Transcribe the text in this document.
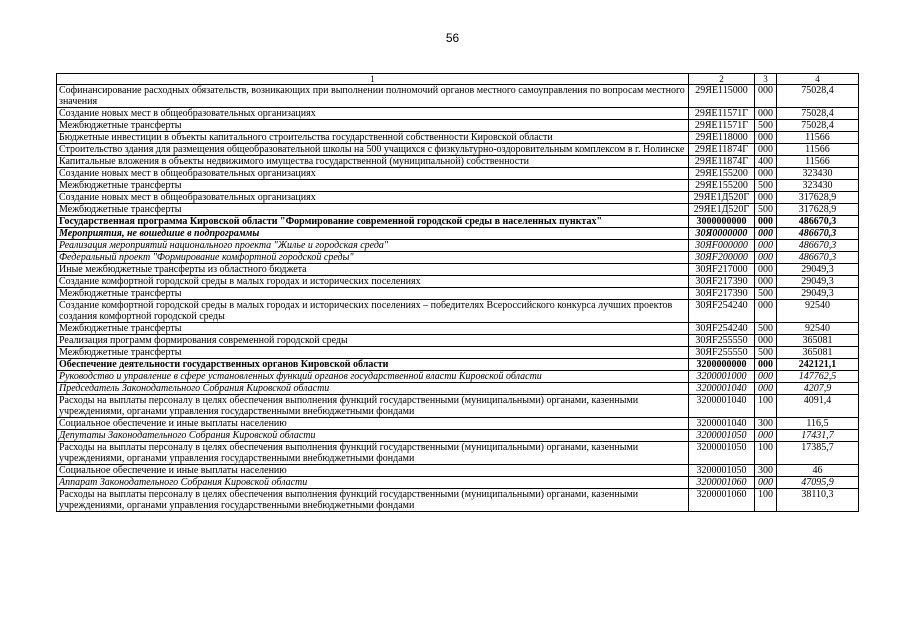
56
1	2	3	4
Софинансирование расходных обязательств, возникающих при выполнении полномочий органов местного самоуправления по вопросам местного значения	29ЯЕ115000	000	75028,4
Создание новых мест в общеобразовательных организациях	29ЯЕ11571Г	000	75028,4
Межбюджетные трансферты	29ЯЕ11571Г	500	75028,4
Бюджетные инвестиции в объекты капитального строительства государственной собственности Кировской области	29ЯЕ118000	000	11566
Строительство здания для размещения общеобразовательной школы на 500 учащихся с физкультурно-оздоровительным комплексом в г. Нолинске	29ЯЕ11874Г	000	11566
Капитальные вложения в объекты недвижимого имущества государственной (муниципальной) собственности	29ЯЕ11874Г	400	11566
Создание новых мест в общеобразовательных организациях	29ЯЕ155200	000	323430
Межбюджетные трансферты	29ЯЕ155200	500	323430
Создание новых мест в общеобразовательных организациях	29ЯЕ1Д520Г	000	317628,9
Межбюджетные трансферты	29ЯЕ1Д520Г	500	317628,9
Государственная программа Кировской области "Формирование современной городской среды в населенных пунктах"	3000000000	000	486670,3
Мероприятия, не вошедшие в подпрограммы	30Я0000000	000	486670,3
Реализация мероприятий национального проекта "Жилье и городская среда"	30ЯF000000	000	486670,3
Федеральный проект "Формирование комфортной городской среды"	30ЯF200000	000	486670,3
Иные межбюджетные трансферты из областного бюджета	30ЯF217000	000	29049,3
Создание комфортной городской среды в малых городах и исторических поселениях	30ЯF217390	000	29049,3
Межбюджетные трансферты	30ЯF217390	500	29049,3
Создание комфортной городской среды в малых городах и исторических поселениях – победителях Всероссийского конкурса лучших проектов создания комфортной городской среды	30ЯF254240	000	92540
Межбюджетные трансферты	30ЯF254240	500	92540
Реализация программ формирования современной городской среды	30ЯF255550	000	365081
Межбюджетные трансферты	30ЯF255550	500	365081
Обеспечение деятельности государственных органов Кировской области	3200000000	000	242121,1
Руководство и управление в сфере установленных функций органов государственной власти Кировской области	3200001000	000	147762,5
Председатель Законодательного Собрания Кировской области	3200001040	000	4207,9
Расходы на выплаты персоналу в целях обеспечения выполнения функций государственными (муниципальными) органами, казенными учреждениями, органами управления государственными внебюджетными фондами	3200001040	100	4091,4
Социальное обеспечение и иные выплаты населению	3200001040	300	116,5
Депутаты Законодательного Собрания Кировской области	3200001050	000	17431,7
Расходы на выплаты персоналу в целях обеспечения выполнения функций государственными (муниципальными) органами, казенными учреждениями, органами управления государственными внебюджетными фондами	3200001050	100	17385,7
Социальное обеспечение и иные выплаты населению	3200001050	300	46
Аппарат Законодательного Собрания Кировской области	3200001060	000	47095,9
Расходы на выплаты персоналу в целях обеспечения выполнения функций государственными (муниципальными) органами, казенными учреждениями, органами управления государственными внебюджетными фондами	3200001060	100	38110,3
